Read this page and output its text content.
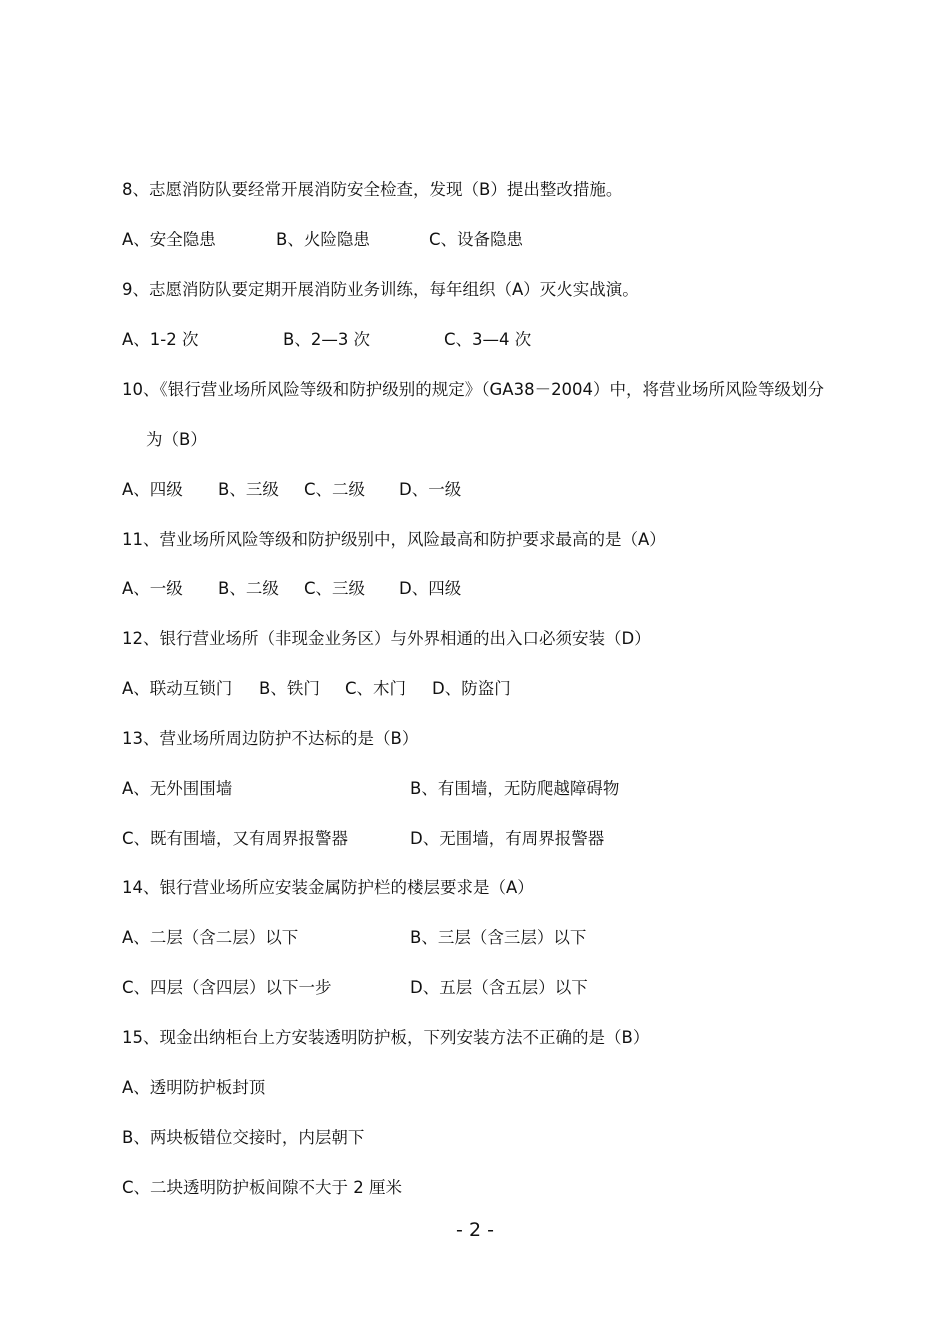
8、志愿消防队要经常开展消防安全检查，发现（B）提出整改措施。
A、安全隐患	B、火险隐患	C、设备隐患
9、志愿消防队要定期开展消防业务训练，每年组织（A）灭火实战演。
A、1-2 次	B、2—3 次	C、3—4 次
10、《银行营业场所风险等级和防护级别的规定》（GA38－2004）中，将营业场所风险等级划分
为（B）
A、四级 B、三级 C、二级 D、一级
11、营业场所风险等级和防护级别中，风险最高和防护要求最高的是（A）
A、一级 B、二级 C、三级 D、四级
12、银行营业场所（非现金业务区）与外界相通的出入口必须安装（D）
A、联动互锁门 B、铁门 C、木门 D、防盗门
13、营业场所周边防护不达标的是（B）
A、无外围围墙	B、有围墙，无防爬越障碍物
C、既有围墙，又有周界报警器	D、无围墙，有周界报警器
14、银行营业场所应安装金属防护栏的楼层要求是（A）
A、二层（含二层）以下	B、三层（含三层）以下
C、四层（含四层）以下一步	D、五层（含五层）以下
15、现金出纳柜台上方安装透明防护板，下列安装方法不正确的是（B）
A、透明防护板封顶
B、两块板错位交接时，内层朝下
C、二块透明防护板间隙不大于 2 厘米
- 2 -
